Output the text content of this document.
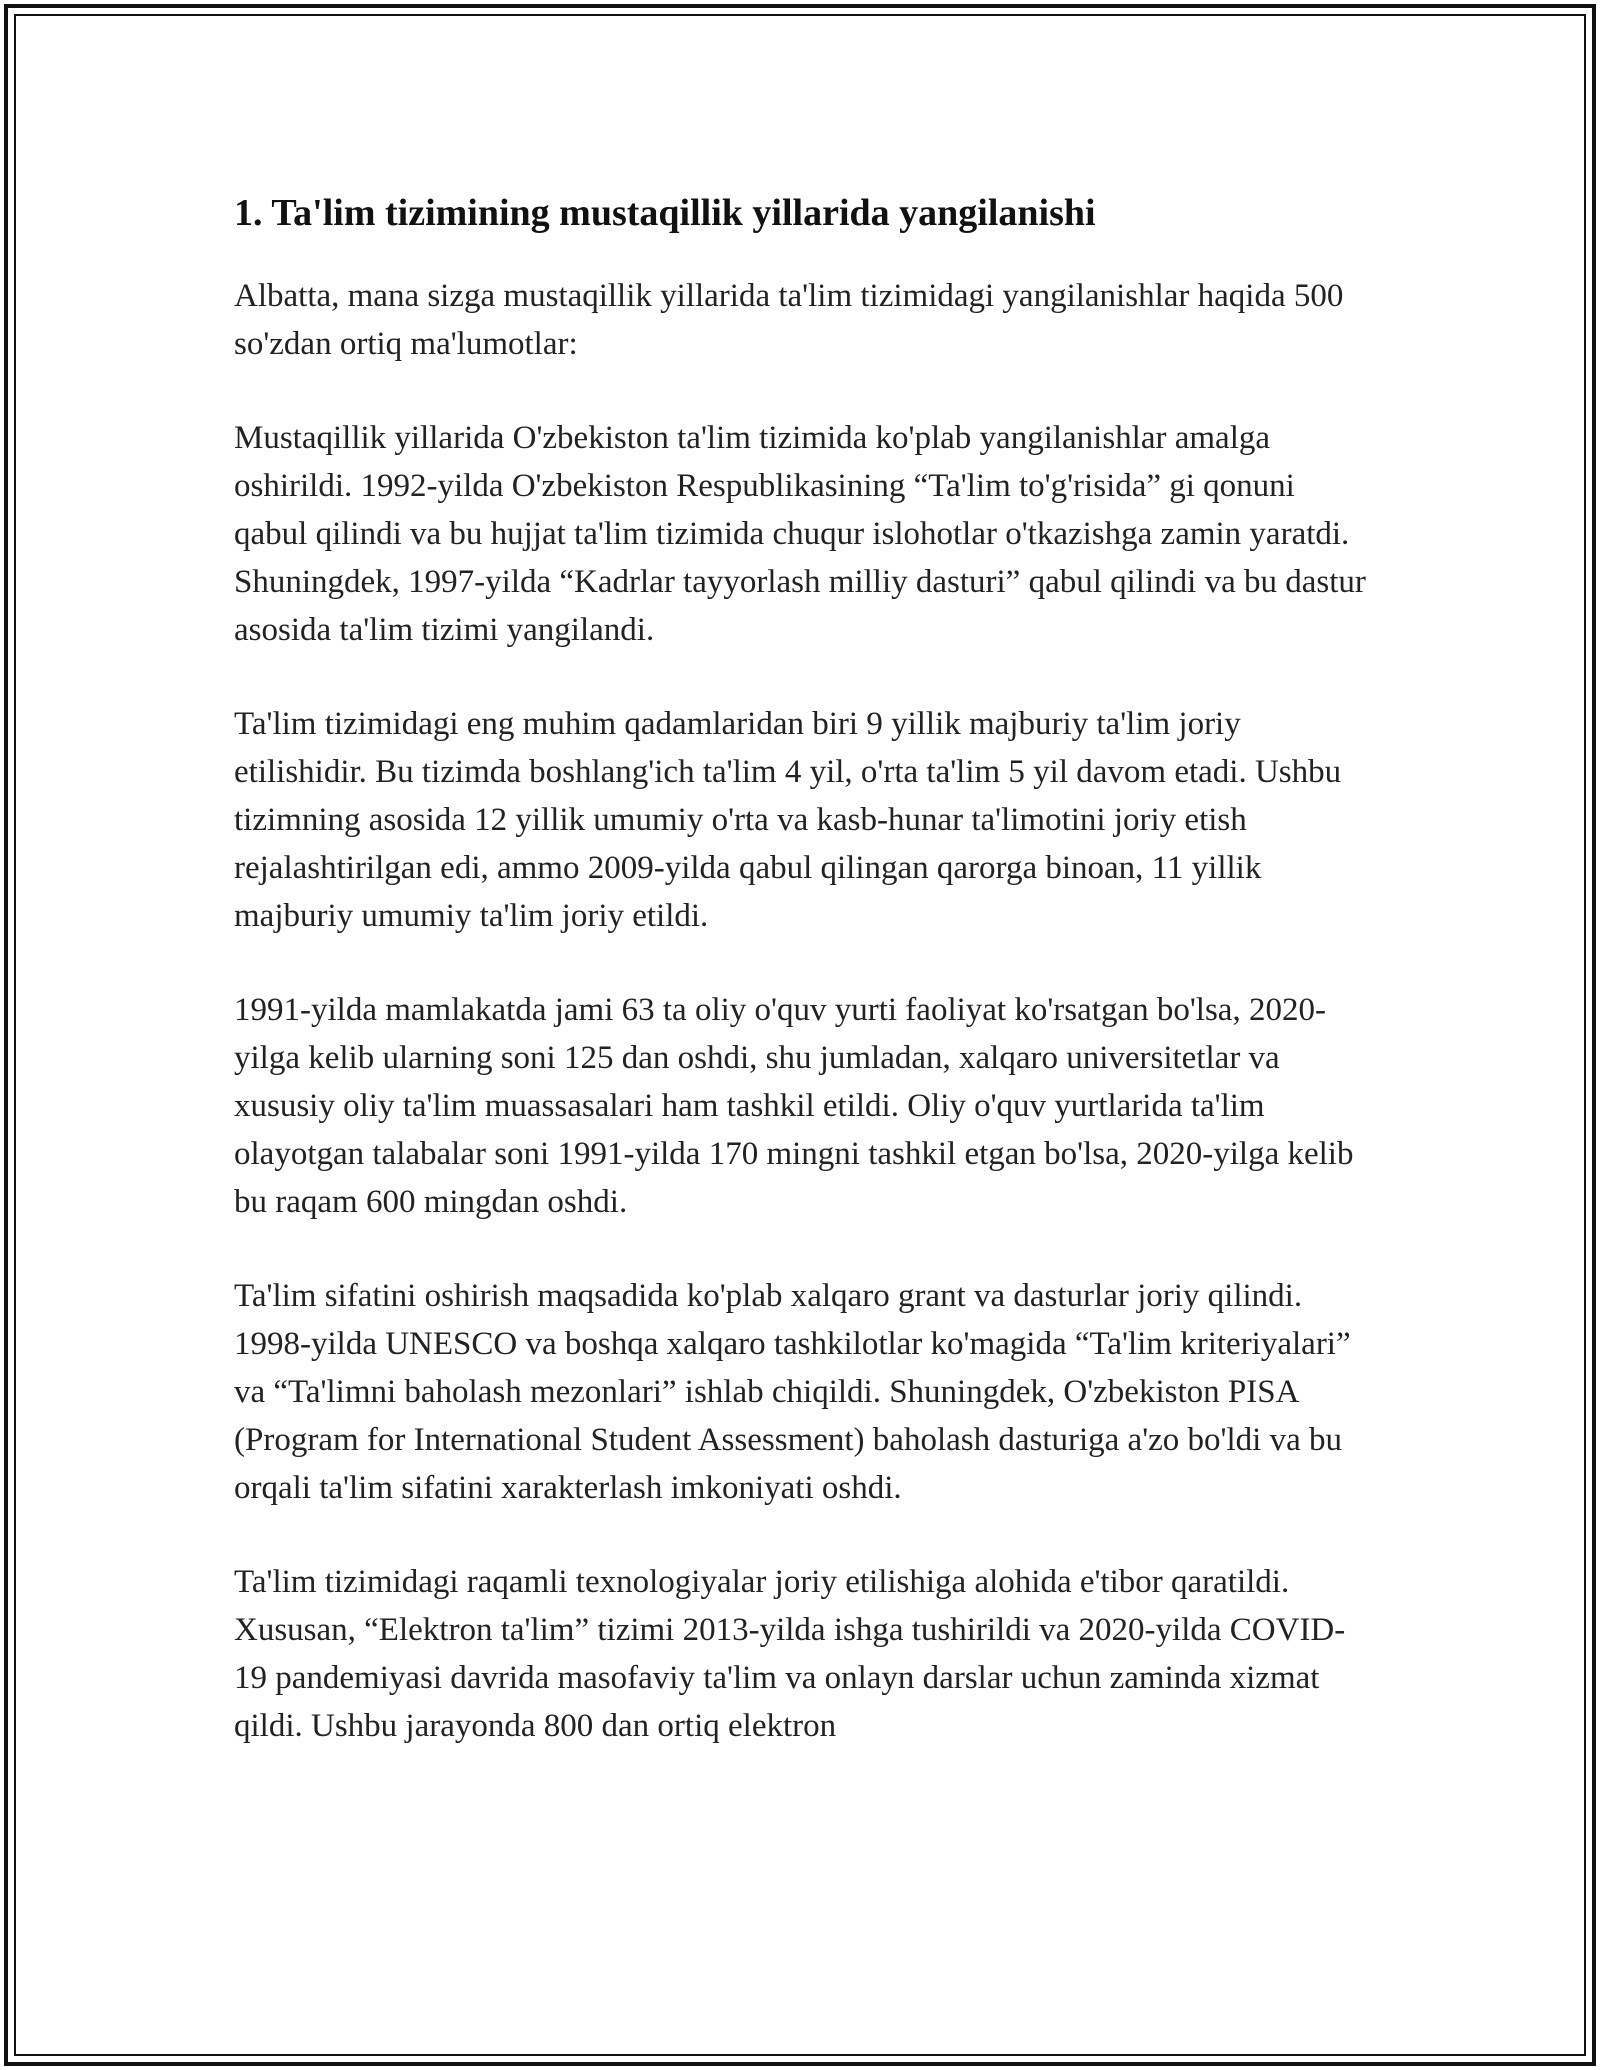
1. Ta'lim tizimining mustaqillik yillarida yangilanishi

Albatta, mana sizga mustaqillik yillarida ta'lim tizimidagi yangilanishlar haqida 500 so'zdan ortiq ma'lumotlar:

Mustaqillik yillarida O'zbekiston ta'lim tizimida ko'plab yangilanishlar amalga oshirildi. 1992-yilda O'zbekiston Respublikasining “Ta'lim to'g'risida” gi qonuni qabul qilindi va bu hujjat ta'lim tizimida chuqur islohotlar o'tkazishga zamin yaratdi. Shuningdek, 1997-yilda “Kadrlar tayyorlash milliy dasturi” qabul qilindi va bu dastur asosida ta'lim tizimi yangilandi.

Ta'lim tizimidagi eng muhim qadamlaridan biri 9 yillik majburiy ta'lim joriy etilishidir. Bu tizimda boshlang'ich ta'lim 4 yil, o'rta ta'lim 5 yil davom etadi. Ushbu tizimning asosida 12 yillik umumiy o'rta va kasb-hunar ta'limotini joriy etish rejalashtirilgan edi, ammo 2009-yilda qabul qilingan qarorga binoan, 11 yillik majburiy umumiy ta'lim joriy etildi.

1991-yilda mamlakatda jami 63 ta oliy o'quv yurti faoliyat ko'rsatgan bo'lsa, 2020-yilga kelib ularning soni 125 dan oshdi, shu jumladan, xalqaro universitetlar va xususiy oliy ta'lim muassasalari ham tashkil etildi. Oliy o'quv yurtlarida ta'lim olayotgan talabalar soni 1991-yilda 170 mingni tashkil etgan bo'lsa, 2020-yilga kelib bu raqam 600 mingdan oshdi.

Ta'lim sifatini oshirish maqsadida ko'plab xalqaro grant va dasturlar joriy qilindi. 1998-yilda UNESCO va boshqa xalqaro tashkilotlar ko'magida “Ta'lim kriteriyalari” va “Ta'limni baholash mezonlari” ishlab chiqildi. Shuningdek, O'zbekiston PISA (Program for International Student Assessment) baholash dasturiga a'zo bo'ldi va bu orqali ta'lim sifatini xarakterlash imkoniyati oshdi.

Ta'lim tizimidagi raqamli texnologiyalar joriy etilishiga alohida e'tibor qaratildi. Xususan, “Elektron ta'lim” tizimi 2013-yilda ishga tushirildi va 2020-yilda COVID-19 pandemiyasi davrida masofaviy ta'lim va onlayn darslar uchun zaminda xizmat qildi. Ushbu jarayonda 800 dan ortiq elektron
